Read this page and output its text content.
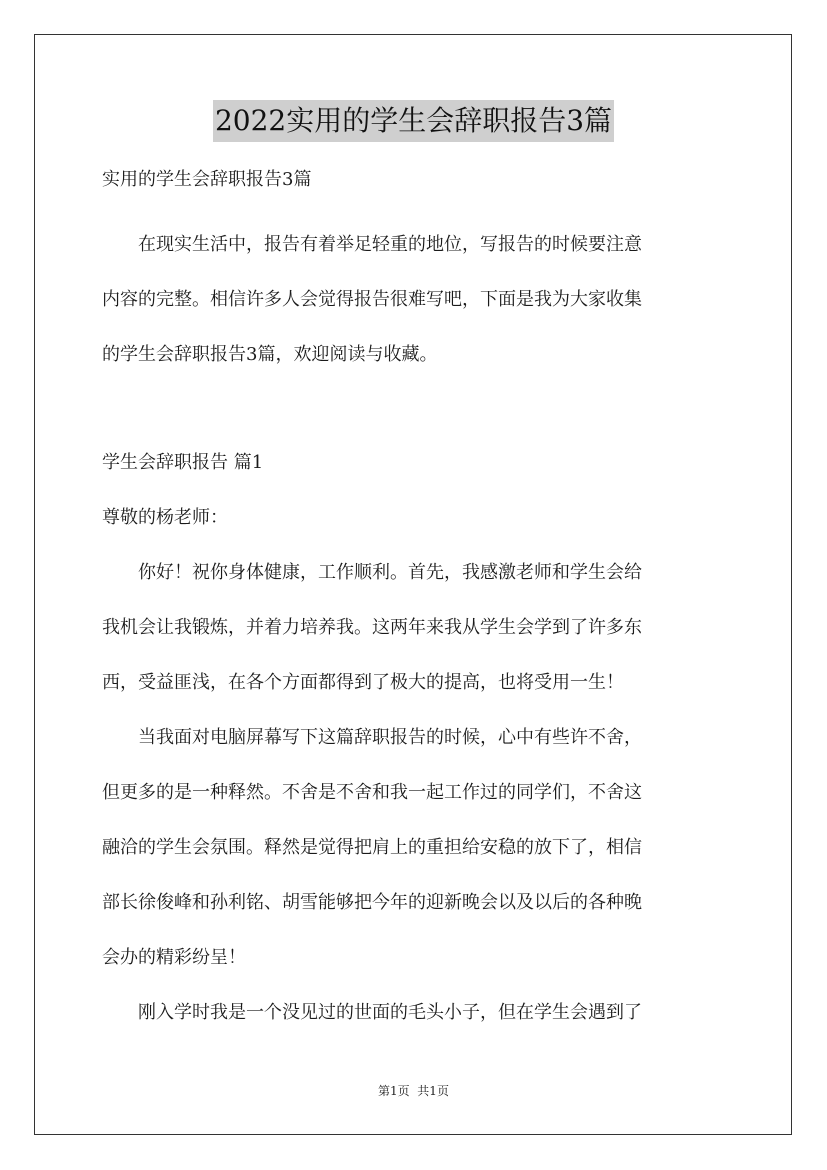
2022实用的学生会辞职报告3篇

实用的学生会辞职报告3篇

在现实生活中，报告有着举足轻重的地位，写报告的时候要注意

内容的完整。相信许多人会觉得报告很难写吧，下面是我为大家收集

的学生会辞职报告3篇，欢迎阅读与收藏。

学生会辞职报告 篇1

尊敬的杨老师：

你好！祝你身体健康，工作顺利。首先，我感激老师和学生会给

我机会让我锻炼，并着力培养我。这两年来我从学生会学到了许多东

西，受益匪浅，在各个方面都得到了极大的提高，也将受用一生！

当我面对电脑屏幕写下这篇辞职报告的时候，心中有些许不舍，

但更多的是一种释然。不舍是不舍和我一起工作过的同学们，不舍这

融洽的学生会氛围。释然是觉得把肩上的重担给安稳的放下了，相信

部长徐俊峰和孙利铭、胡雪能够把今年的迎新晚会以及以后的各种晚

会办的精彩纷呈！

刚入学时我是一个没见过的世面的毛头小子，但在学生会遇到了

第1页  共1页
